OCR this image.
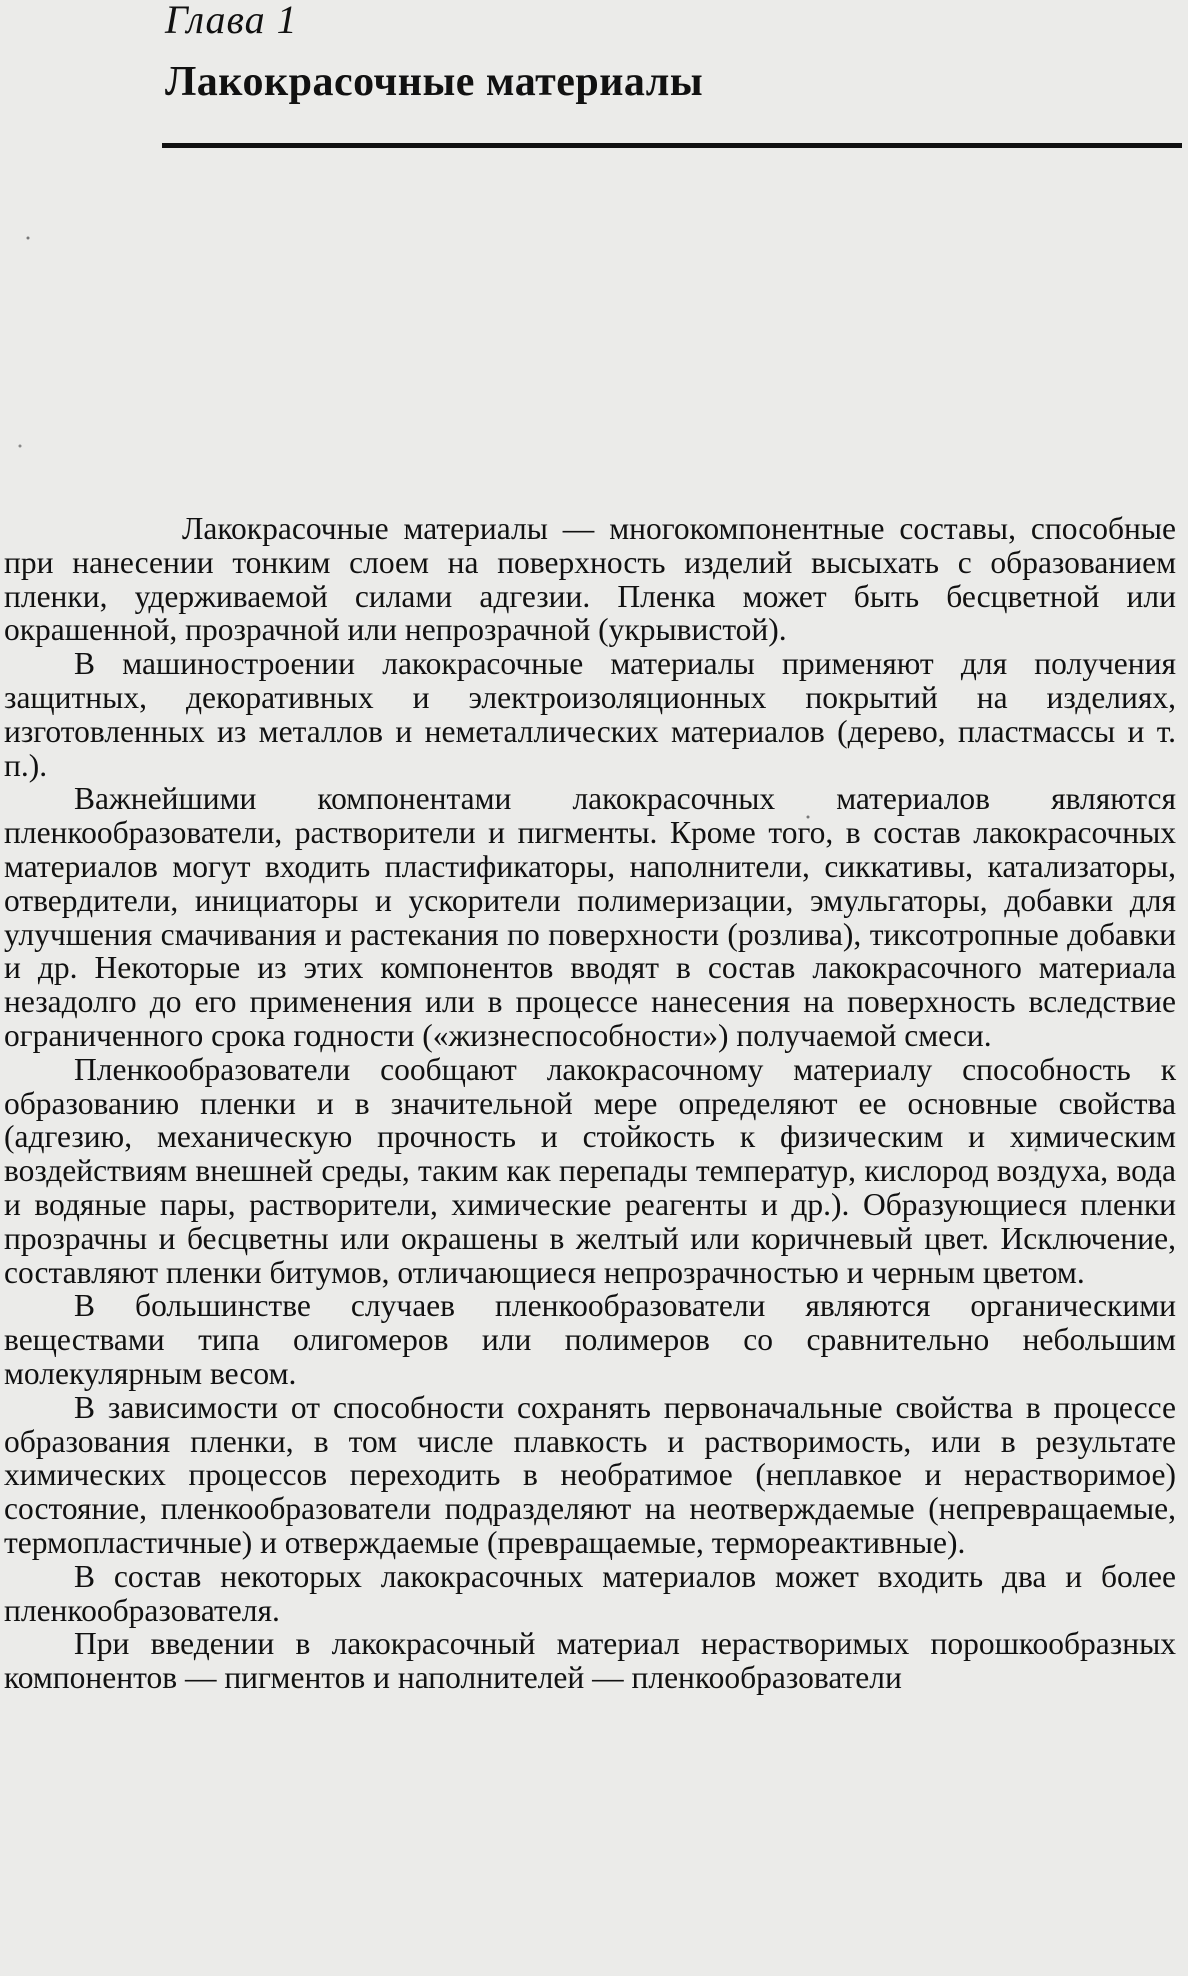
Глава 1
Лакокрасочные материалы

Лакокрасочные материалы — многокомпонентные составы, способные при нанесении тонким слоем на поверхность изделий высыхать с образованием пленки, удерживаемой силами адгезии. Пленка может быть бесцветной или окрашенной, прозрачной или непрозрачной (укрывистой).

В машиностроении лакокрасочные материалы применяют для получения защитных, декоративных и электроизоляционных покрытий на изделиях, изготовленных из металлов и неметаллических материалов (дерево, пластмассы и т. п.).

Важнейшими компонентами лакокрасочных материалов являются пленкообразователи, растворители и пигменты. Кроме того, в состав лакокрасочных материалов могут входить пластификаторы, наполнители, сиккативы, катализаторы, отвердители, инициаторы и ускорители полимеризации, эмульгаторы, добавки для улучшения смачивания и растекания по поверхности (розлива), тиксотропные добавки и др. Некоторые из этих компонентов вводят в состав лакокрасочного материала незадолго до его применения или в процессе нанесения на поверхность вследствие ограниченного срока годности («жизнеспособности») получаемой смеси.

Пленкообразователи сообщают лакокрасочному материалу способность к образованию пленки и в значительной мере определяют ее основные свойства (адгезию, механическую прочность и стойкость к физическим и химическим воздействиям внешней среды, таким как перепады температур, кислород воздуха, вода и водяные пары, растворители, химические реагенты и др.). Образующиеся пленки прозрачны и бесцветны или окрашены в желтый или коричневый цвет. Исключение, составляют пленки битумов, отличающиеся непрозрачностью и черным цветом.

В большинстве случаев пленкообразователи являются органическими веществами типа олигомеров или полимеров со сравнительно небольшим молекулярным весом.

В зависимости от способности сохранять первоначальные свойства в процессе образования пленки, в том числе плавкость и растворимость, или в результате химических процессов переходить в необратимое (неплавкое и нерастворимое) состояние, пленкообразователи подразделяют на неотверждаемые (непревращаемые, термопластичные) и отверждаемые (превращаемые, термореактивные).

В состав некоторых лакокрасочных материалов может входить два и более пленкообразователя.

При введении в лакокрасочный материал нерастворимых порошкообразных компонентов — пигментов и наполнителей — пленкообразователи
